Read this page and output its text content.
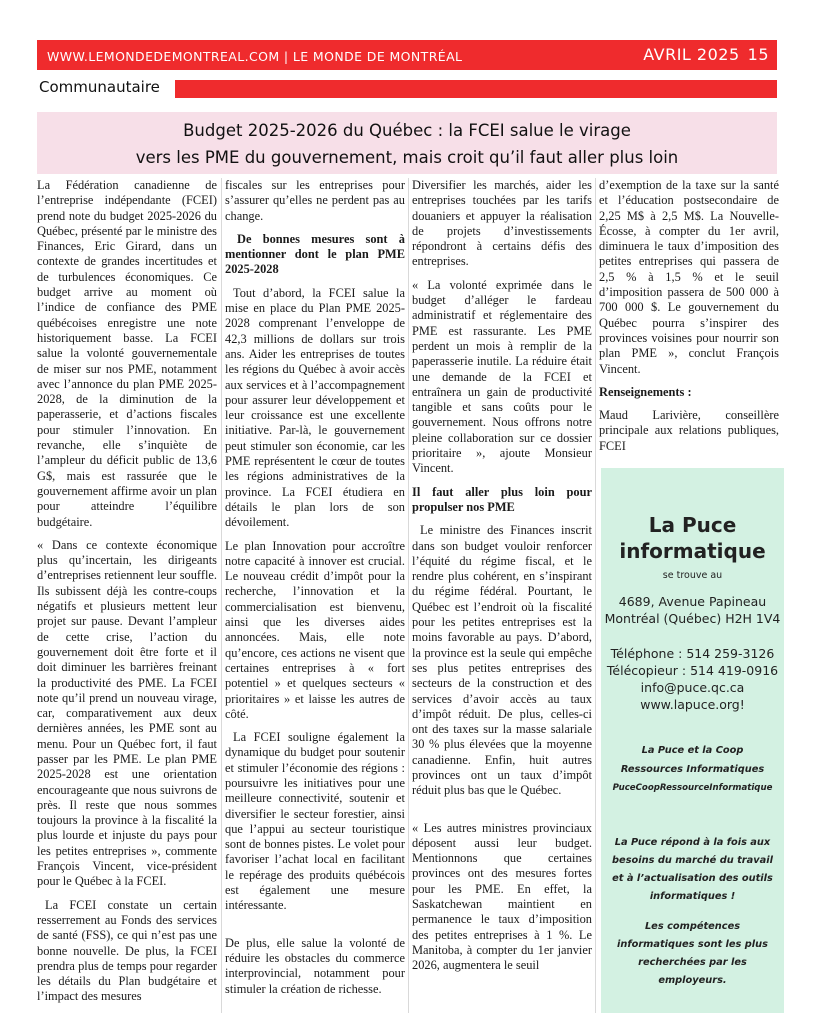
WWW.LEMONDEDEMONTREAL.COM | LE MONDE DE MONTRÉAL	AVRIL 2025 15
Communautaire
Budget 2025-2026 du Québec : la FCEI salue le virage
vers les PME du gouvernement, mais croit qu’il faut aller plus loin

La Fédération canadienne de l’entreprise indépendante (FCEI) prend note du budget 2025-2026 du Québec, présenté par le ministre des Finances, Eric Girard, dans un contexte de grandes incertitudes et de turbulences économiques. Ce budget arrive au moment où l’indice de confiance des PME québécoises enregistre une note historiquement basse. La FCEI salue la volonté gouvernementale de miser sur nos PME, notamment avec l’annonce du plan PME 2025-2028, de la diminution de la paperasserie, et d’actions fiscales pour stimuler l’innovation. En revanche, elle s’inquiète de l’ampleur du déficit public de 13,6 G$, mais est rassurée que le gouvernement affirme avoir un plan pour atteindre l’équilibre budgétaire.

« Dans ce contexte économique plus qu’incertain, les dirigeants d’entreprises retiennent leur souffle. Ils subissent déjà les contre-coups négatifs et plusieurs mettent leur projet sur pause. Devant l’ampleur de cette crise, l’action du gouvernement doit être forte et il doit diminuer les barrières freinant la productivité des PME. La FCEI note qu’il prend un nouveau virage, car, comparativement aux deux dernières années, les PME sont au menu. Pour un Québec fort, il faut passer par les PME. Le plan PME 2025-2028 est une orientation encourageante que nous suivrons de près. Il reste que nous sommes toujours la province à la fiscalité la plus lourde et injuste du pays pour les petites entreprises », commente François Vincent, vice-président pour le Québec à la FCEI.

La FCEI constate un certain resserrement au Fonds des services de santé (FSS), ce qui n’est pas une bonne nouvelle. De plus, la FCEI prendra plus de temps pour regarder les détails du Plan budgétaire et l’impact des mesures

fiscales sur les entreprises pour s’assurer qu’elles ne perdent pas au change.

De bonnes mesures sont à mentionner dont le plan PME 2025-2028

Tout d’abord, la FCEI salue la mise en place du Plan PME 2025-2028 comprenant l’enveloppe de 42,3 millions de dollars sur trois ans. Aider les entreprises de toutes les régions du Québec à avoir accès aux services et à l’accompagnement pour assurer leur développement et leur croissance est une excellente initiative. Par-là, le gouvernement peut stimuler son économie, car les PME représentent le cœur de toutes les régions administratives de la province. La FCEI étudiera en détails le plan lors de son dévoilement.

Le plan Innovation pour accroître notre capacité à innover est crucial. Le nouveau crédit d’impôt pour la recherche, l’innovation et la commercialisation est bienvenu, ainsi que les diverses aides annoncées. Mais, elle note qu’encore, ces actions ne visent que certaines entreprises à « fort potentiel » et quelques secteurs « prioritaires » et laisse les autres de côté.

La FCEI souligne également la dynamique du budget pour soutenir et stimuler l’économie des régions : poursuivre les initiatives pour une meilleure connectivité, soutenir et diversifier le secteur forestier, ainsi que l’appui au secteur touristique sont de bonnes pistes. Le volet pour favoriser l’achat local en facilitant le repérage des produits québécois est également une mesure intéressante.

De plus, elle salue la volonté de réduire les obstacles du commerce interprovincial, notamment pour stimuler la création de richesse.

Diversifier les marchés, aider les entreprises touchées par les tarifs douaniers et appuyer la réalisation de projets d’investissements répondront à certains défis des entreprises.

« La volonté exprimée dans le budget d’alléger le fardeau administratif et réglementaire des PME est rassurante. Les PME perdent un mois à remplir de la paperasserie inutile. La réduire était une demande de la FCEI et entraînera un gain de productivité tangible et sans coûts pour le gouvernement. Nous offrons notre pleine collaboration sur ce dossier prioritaire », ajoute Monsieur Vincent.

Il faut aller plus loin pour propulser nos PME

Le ministre des Finances inscrit dans son budget vouloir renforcer l’équité du régime fiscal, et le rendre plus cohérent, en s’inspirant du régime fédéral. Pourtant, le Québec est l’endroit où la fiscalité pour les petites entreprises est la moins favorable au pays. D’abord, la province est la seule qui empêche ses plus petites entreprises des secteurs de la construction et des services d’avoir accès au taux d’impôt réduit. De plus, celles-ci ont des taxes sur la masse salariale 30 % plus élevées que la moyenne canadienne. Enfin, huit autres provinces ont un taux d’impôt réduit plus bas que le Québec.

« Les autres ministres provinciaux déposent aussi leur budget. Mentionnons que certaines provinces ont des mesures fortes pour les PME. En effet, la Saskatchewan maintient en permanence le taux d’imposition des petites entreprises à 1 %. Le Manitoba, à compter du 1er janvier 2026, augmentera le seuil

d’exemption de la taxe sur la santé et l’éducation postsecondaire de 2,25 M$ à 2,5 M$. La Nouvelle-Écosse, à compter du 1er avril, diminuera le taux d’imposition des petites entreprises qui passera de 2,5 % à 1,5 % et le seuil d’imposition passera de 500 000 à 700 000 $. Le gouvernement du Québec pourra s’inspirer des provinces voisines pour nourrir son plan PME », conclut François Vincent.

Renseignements :

Maud Larivière, conseillère principale aux relations publiques, FCEI

La Puce
informatique
se trouve au
4689, Avenue Papineau
Montréal (Québec) H2H 1V4
Téléphone : 514 259-3126
Télécopieur : 514 419-0916
info@puce.qc.ca
www.lapuce.org!
La Puce et la Coop
Ressources Informatiques
PuceCoopRessourceInformatique

La Puce répond à la fois aux besoins du marché du travail et à l’actualisation des outils informatiques !

Les compétences informatiques sont les plus recherchées par les employeurs.
